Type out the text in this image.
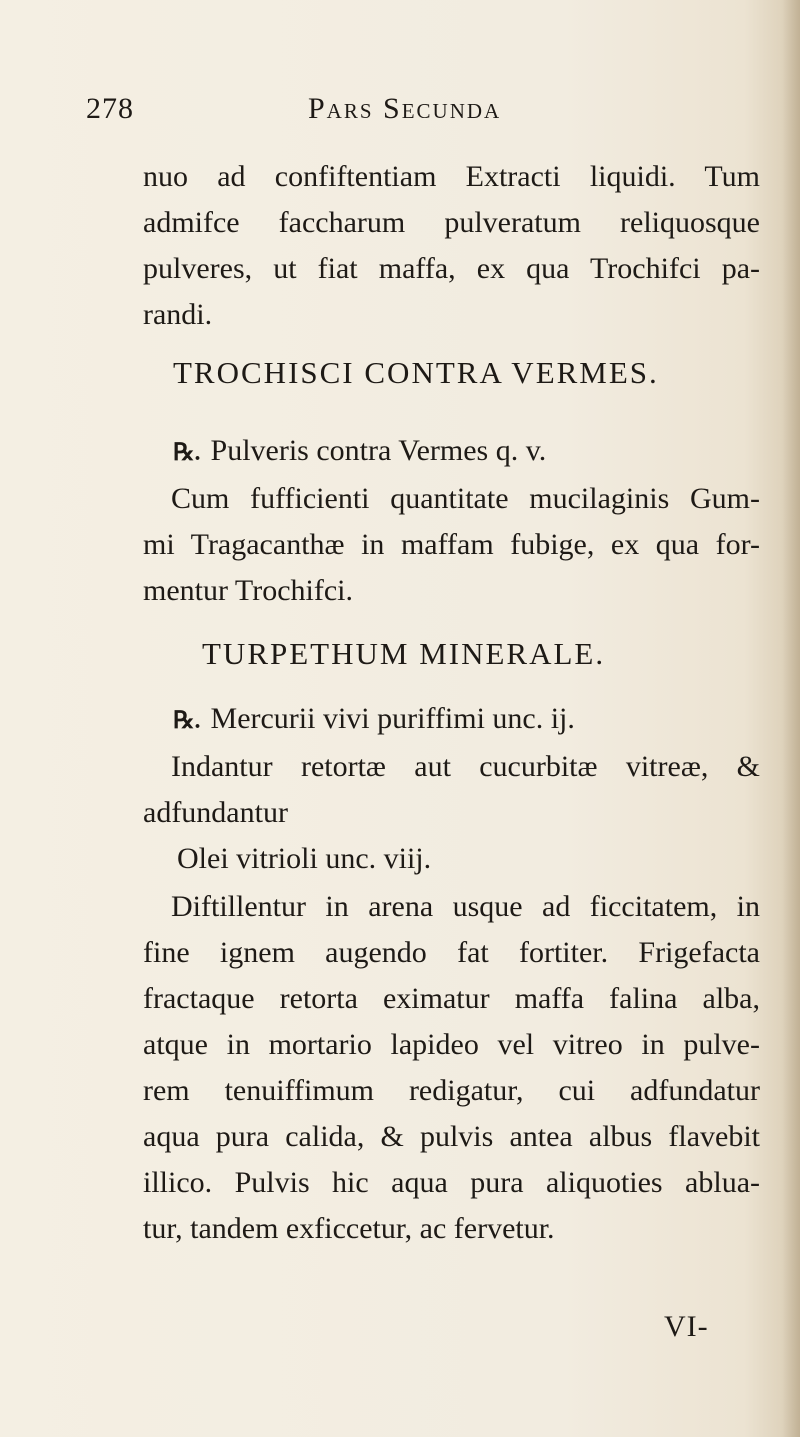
278	Pars Secunda
nuo ad confiftentiam Extracti liquidi. Tum
admifce faccharum pulveratum reliquosque
pulveres, ut fiat maffa, ex qua Trochifci pa-
randi.
TROCHISCI CONTRA VERMES.
℞. Pulveris contra Vermes q. v.
Cum fufficienti quantitate mucilaginis Gum-
mi Tragacanthæ in maffam fubige, ex qua for-
mentur Trochifci.
TURPETHUM MINERALE.
℞. Mercurii vivi puriffimi unc. ij.
Indantur retortæ aut cucurbitæ vitreæ, &
adfundantur
Olei vitrioli unc. viij.
Diftillentur in arena usque ad ficcitatem, in
fine ignem augendo fat fortiter. Frigefacta
fractaque retorta eximatur maffa falina alba,
atque in mortario lapideo vel vitreo in pulve-
rem tenuiffimum redigatur, cui adfundatur
aqua pura calida, & pulvis antea albus flavebit
illico. Pulvis hic aqua pura aliquoties ablua-
tur, tandem exficcetur, ac fervetur.
VI-
